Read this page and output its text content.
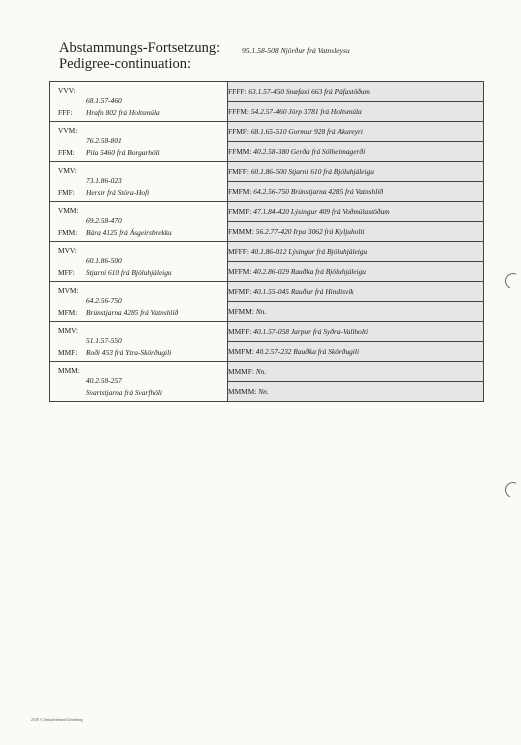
Abstammungs-Fortsetzung:
Pedigree-continuation:
95.1.58-508 Njörður frá Vatnsleysu
VVV:
68.1.57-460
FFF: Hrafn 802 frá Holtsmúla	FFFF: 63.1.57-450 Snæfaxi 663 frá Páfastöðum
	FFFM: 54.2.57-460 Jörp 3781 frá Holtsmúla

VVM:
76.2.58-801
FFM: Pila 5460 frá Borgarhóli	FFMF: 68.1.65-510 Gormur 928 frá Akureyri
	FFMM: 40.2.58-380 Gerða frá Sólheimagerði

VMV:
73.1.86-023
FMF: Hersir frá Stóra-Hofi	FMFF: 60.1.86-500 Stjarni 610 frá Bjóluhjáleigu
	FMFM: 64.2.56-750 Brúnstjarna 4285 frá Vatnshlíð

VMM:
69.2.58-470
FMM: Bára 4125 frá Ásgeirsbrekku	FMMF: 47.1.84-420 Lýsingur 409 frá Voðmúlastöðum
	FMMM: 56.2.77-420 Irpa 3062 frá Kyljuholti

MVV:
60.1.86-500
MFF: Stjarni 610 frá Bjóluhjáleigu	MFFF: 40.1.86-012 Lýsingur frá Bjóluhjáleigu
	MFFM: 40.2.86-029 Rauðka frá Bjóluhjáleigu

MVM:
64.2.56-750
MFM: Brúnstjarna 4285 frá Vatnshlíð	MFMF: 40.1.55-045 Rauður frá Hindisvík
	MFMM: Nn.

MMV:
51.1.57-550
MMF: Roði 453 frá Ytra-Skörðugili	MMFF: 40.1.57-058 Jarpur frá Syðra-Vallholti
	MMFM: 40.2.57-232 Rauðka frá Skörðugili

MMM:
40.2.58-257
Svartstjarna frá Svarfhóli	MMMF: Nn.
	MMMM: Nn.
25.00 © Zentralverband Göttenberg
